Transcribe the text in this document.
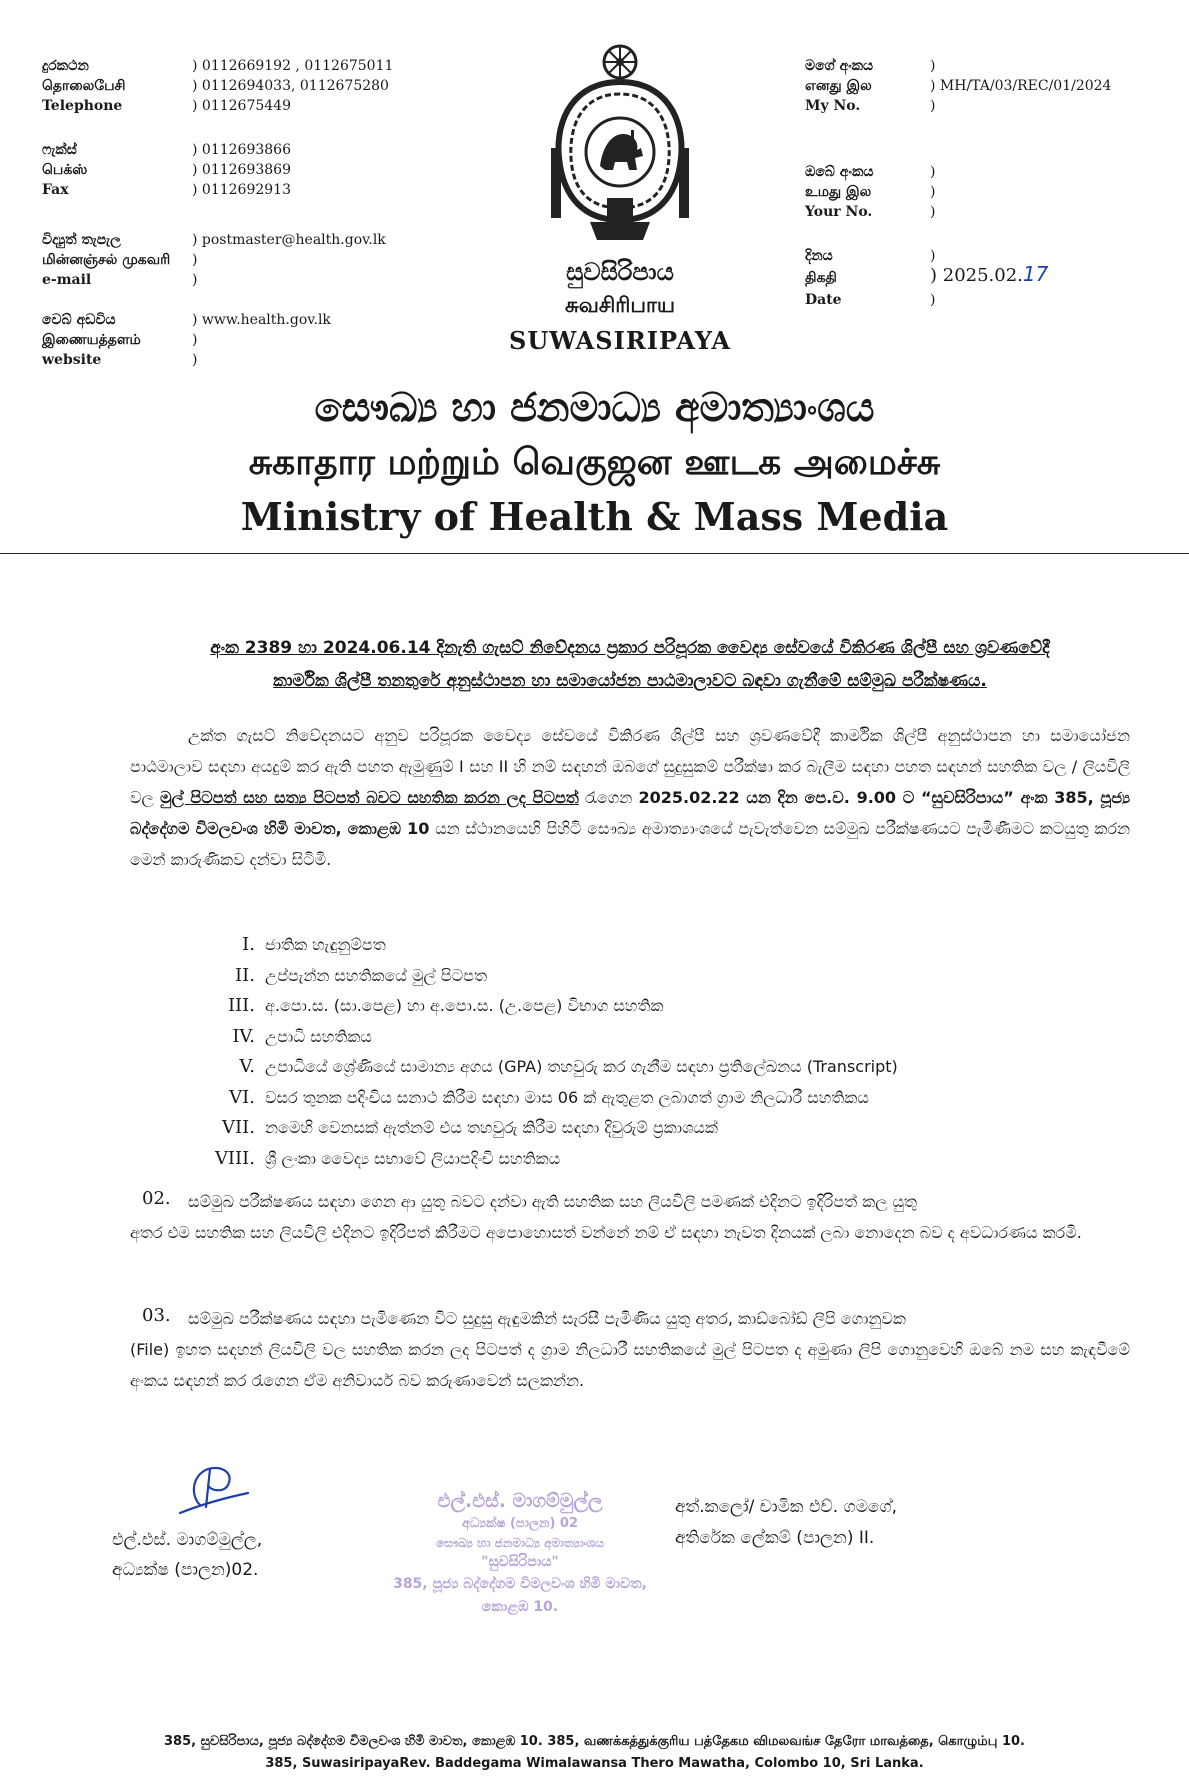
දුරකථන
தொலைபேசி
Telephone
) 0112669192 , 0112675011
) 0112694033, 0112675280
) 0112675449
ෆැක්ස්
பெக்ஸ்
Fax
) 0112693866
) 0112693869
) 0112692913
විද්‍යුත් තැපැල
மின்னஞ்சல் முகவரி
e-mail
) postmaster@health.gov.lk
)
)
වෙබ් අඩවිය
இணையத்தளம்
website
) www.health.gov.lk
)
)
සුවසිරිපාය
சுவசிரிபாய
SUWASIRIPAYA
මගේ අංකය
எனது இல
My No.
)
) MH/TA/03/REC/01/2024
)
ඔබේ අංකය
உமது இல
Your No.
)
)
)
දිනය
திகதி
Date
)
) 2025.02.17
)
සෞඛ්‍ය හා ජනමාධ්‍ය අමාත්‍යාංශය
சுகாதார மற்றும் வெகுஜன ஊடக அமைச்சு
Ministry of Health & Mass Media
අංක 2389 හා 2024.06.14 දිනැති ගැසට් නිවේදනය ප්‍රකාර පරිපූරක වෛද්‍ය සේවයේ විකිරණ ශිල්පී සහ ශ්‍රවණවේදී
කාර්මික ශිල්පී තනතුරේ අනුස්ථාපන හා සමායෝජන පාඨමාලාවට බඳවා ගැනීමේ සම්මුඛ පරීක්ෂණය.
උක්ත ගැසට් නිවේදනයට අනුව පරිපූරක වෛද්‍ය සේවයේ විකිරණ ශිල්පී සහ ශ්‍රවණවේදී කාර්මික ශිල්පී අනුස්ථාපන හා සමායෝජන පාඨමාලාව සඳහා අයදුම් කර ඇති පහත ඇමුණුම් I සහ II හි නම් සඳහන් ඔබගේ සුදුසුකම් පරීක්ෂා කර බැලීම සඳහා පහත සඳහන් සහතික වල / ලියවිලි වල මුල් පිටපත් සහ සත්‍ය පිටපත් බවට සහතික කරන ලද පිටපත් රැගෙන 2025.02.22 යන දින පෙ.ව. 9.00 ට “සුවසිරිපාය” අංක 385, පූජ්‍ය බද්දේගම විමලවංශ හිමි මාවත, කොළඹ 10 යන ස්ථානයෙහි පිහිටි සෞඛ්‍ය අමාත්‍යාංශයේ පැවැත්වෙන සම්මුඛ පරීක්ෂණයට පැමිණීමට කටයුතු කරන මෙන් කාරුණිකව දන්වා සිටිමි.
I. ජාතික හැඳුනුම්පත
II. උප්පැන්න සහතිකයේ මුල් පිටපත
III. අ.පො.ස. (සා.පෙළ) හා අ.පො.ස. (උ.පෙළ) විභාග සහතික
IV. උපාධි සහතිකය
V. උපාධියේ ශ්‍රේණියේ සාමාන්‍ය අගය (GPA) තහවුරු කර ගැනීම සඳහා ප්‍රතිලේඛනය (Transcript)
VI. වසර තුනක පදිංචිය සනාථ කිරීම සඳහා මාස 06 ක් ඇතුළත ලබාගත් ග්‍රාම නිලධාරී සහතිකය
VII. නමෙහි වෙනසක් ඇත්නම් එය තහවුරු කිරීම සඳහා දිවුරුම් ප්‍රකාශයක්
VIII. ශ්‍රී ලංකා වෛද්‍ය සභාවේ ලියාපදිංචි සහතිකය
02. සම්මුඛ පරීක්ෂණය සඳහා ගෙන ආ යුතු බවට දන්වා ඇති සහතික සහ ලියවිලි පමණක් එදිනට ඉදිරිපත් කල යුතු
අතර එම සහතික සහ ලියවිලි එදිනට ඉදිරිපත් කිරීමට අපොහොසත් වන්නේ නම් ඒ සඳහා නැවත දිනයක් ලබා නොදෙන බව ද අවධාරණය කරමි.
03. සම්මුඛ පරීක්ෂණය සඳහා පැමිණෙන විට සුදුසු ඇඳුමකින් සැරසී පැමිණිය යුතු අතර, කාඩ්බෝඩ් ලිපි ගොනුවක
(File) ඉහත සඳහන් ලියවිලි වල සහතික කරන ලද පිටපත් ද ග්‍රාම නිලධාරී සහතිකයේ මුල් පිටපත ද අමුණා ලිපි ගොනුවෙහි ඔබේ නම සහ කැඳවීමේ අංකය සඳහන් කර රැගෙන ඒම අනිවාර්ය බව කරුණාවෙන් සලකන්න.
එල්.එස්. මාගම්මුල්ල,
අධ්‍යක්ෂ (පාලන)02.
අත්.කලෝ/ චාමික එච්. ගමගේ,
අතිරේක ලේකම් (පාලන) II.
එල්.එස්. මාගම්මුල්ල
අධ්‍යක්ෂ (පාලන) 02
සෞඛ්‍ය හා ජනමාධ්‍ය අමාත්‍යාංශය
"සුවසිරිපාය"
385, පූජ්‍ය බද්දේගම විමලවංශ හිමි මාවත,
කොළඹ 10.
385, සුවසිරිපාය, පූජ්‍ය බද්දේගම විමලවංශ හිමි මාවත, කොළඹ 10. 385, வணக்கத்துக்குரிய பத்தேகம விமலவங்ச தேரோ மாவத்தை, கொழும்பு 10.
385, SuwasiripayaRev. Baddegama Wimalawansa Thero Mawatha, Colombo 10, Sri Lanka.
